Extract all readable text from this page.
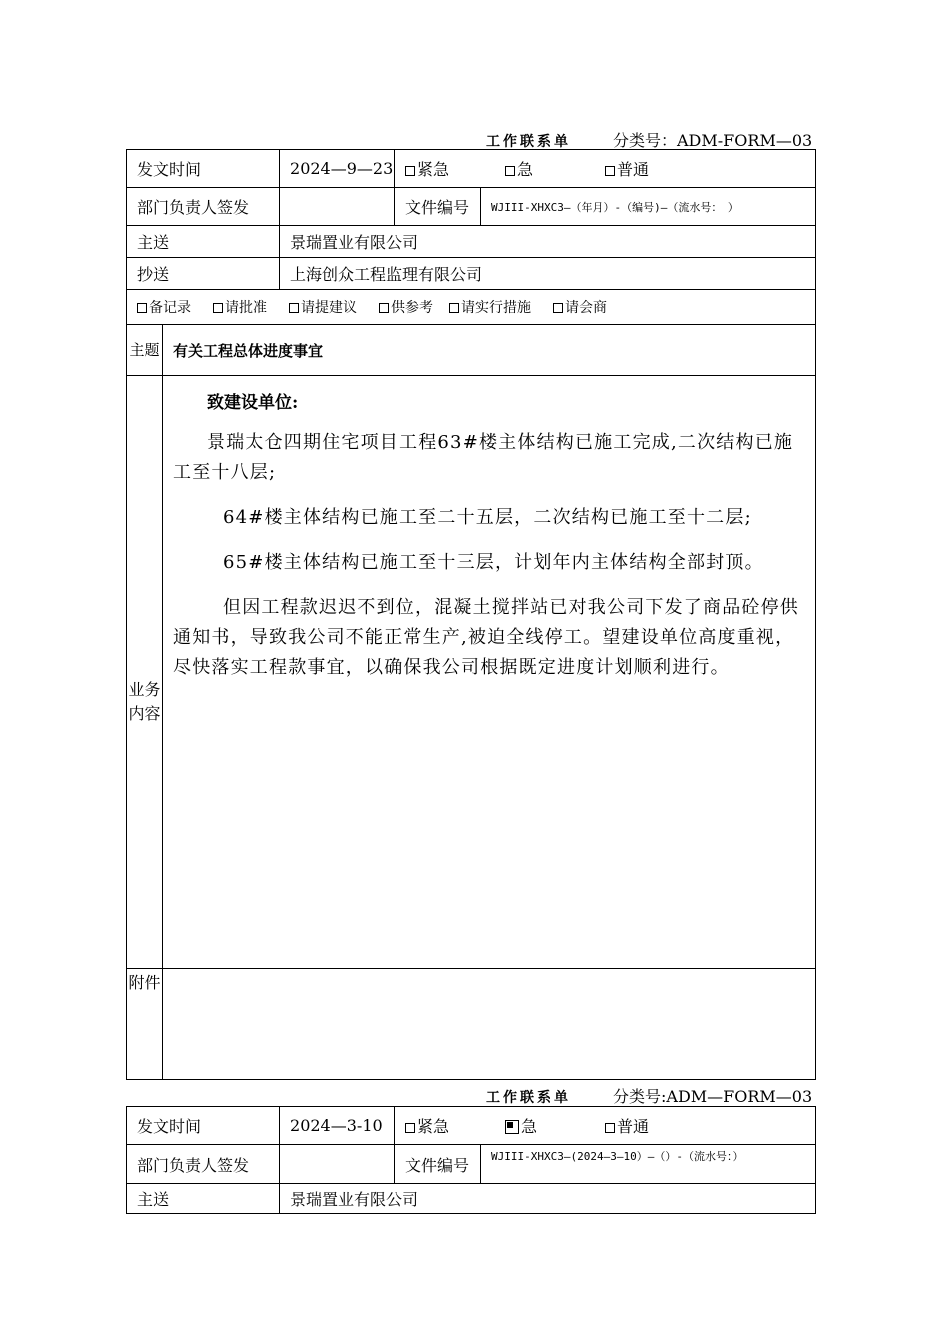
工作联系单	分类号：ADM-FORM—03
发文时间		2024—9—23	紧急 急 普通	
部门负责人签发			文件编号	WJIII-XHXC3—（年月）-（编号)—（流水号：　）
主送		景瑞置业有限公司		
抄送		上海创众工程监理有限公司		
备记录 请批准 请提建议 供参考 请实行措施 请会商				
主题	有关工程总体进度事宜			
业务内容	致建设单位:

景瑞太仓四期住宅项目工程63#楼主体结构已施工完成,二次结构已施工至十八层;

64#楼主体结构已施工至二十五层，二次结构已施工至十二层;

65#楼主体结构已施工至十三层，计划年内主体结构全部封顶。

但因工程款迟迟不到位，混凝土搅拌站已对我公司下发了商品砼停供通知书，导致我公司不能正常生产,被迫全线停工。望建设单位高度重视，尽快落实工程款事宜，以确保我公司根据既定进度计划顺利进行。			

附件				
工作联系单	分类号:ADM—FORM—03
发文时间	2024—3-10	紧急 急 普通	
部门负责人签发		文件编号	WJIII-XHXC3—(2024—3—10）—（）-（流水号：）
主送	景瑞置业有限公司		
